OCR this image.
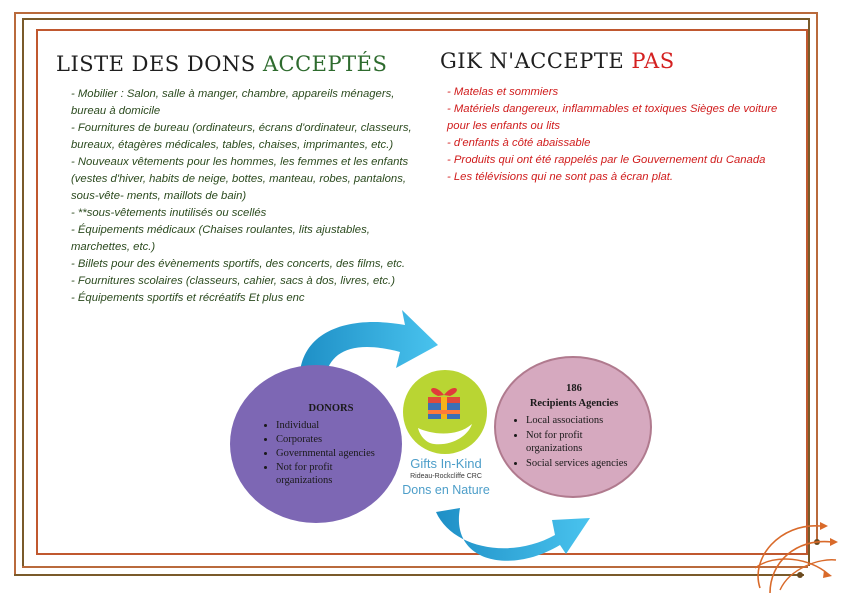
LISTE DES DONS ACCEPTÉS	GIK N'ACCEPTE PAS

- Mobilier : Salon, salle à manger, chambre, appareils ménagers, bureau à domicile

- Fournitures de bureau (ordinateurs, écrans d'ordinateur, classeurs, bureaux, étagères médicales, tables, chaises, imprimantes, etc.)

- Nouveaux vêtements pour les hommes, les femmes et les enfants (vestes d'hiver, habits de neige, bottes, manteau, robes, pantalons, sous-vête- ments, maillots de bain)

- **sous-vêtements inutilisés ou scellés

- Équipements médicaux (Chaises roulantes, lits ajustables, marchettes, etc.)

- Billets pour des évènements sportifs, des concerts, des films, etc.

- Fournitures scolaires (classeurs, cahier, sacs à dos, livres, etc.)

- Équipements sportifs et récréatifs Et plus enc

- Matelas et sommiers

- Matériels dangereux, inflammables et toxiques Sièges de voiture pour les enfants ou lits

- d'enfants à côté abaissable

- Produits qui ont été rappelés par le Gouvernement du Canada

- Les télévisions qui ne sont pas à écran plat.

DONORS
• Individual
• Corporates
• Governmental agencies
• Not for profit organizations
186
Recipients Agencies
• Local associations
• Not for profit organizations
• Social services agencies
Gifts In-Kind
Rideau-Rockcliffe CRC
Dons en Nature
